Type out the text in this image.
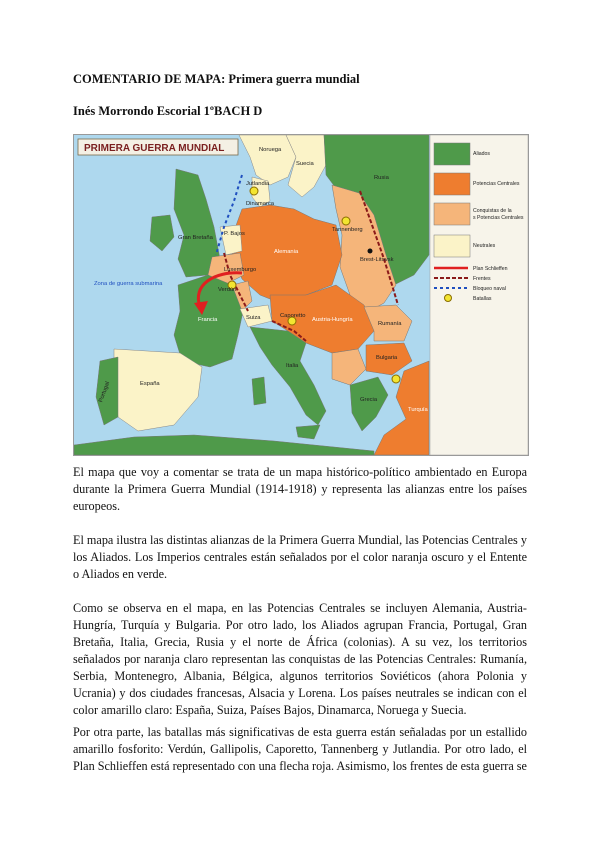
COMENTARIO DE MAPA: Primera guerra mundial
Inés Morrondo Escorial 1ºBACH D
PRIMERA GUERRA MUNDIAL	Noruega
Suecia
Rusia
Jutlandia
Dinamarca
Gran Bretaña
P. Bajos
Alemania
Tannenberg
Brest-Litovsk
Zona de guerra submarina
Luxemburgo
Verdún
Francia	Austria-Hungría
Suiza	Caporetto
Rumanía
Bulgaria
Italia
Portugal	España
Grecia
Turquía
Aliados
Potencias Centrales
Conquistas de la
s Potencias Centrales
Neutrales
Plan Schlieffen
Frentes
Bloqueo naval
Batallas

El mapa que voy a comentar se trata de un mapa histórico-político ambientado en Europa durante la Primera Guerra Mundial (1914-1918) y representa las alianzas entre los países europeos.

El mapa ilustra las distintas alianzas de la Primera Guerra Mundial, las Potencias Centrales y los Aliados. Los Imperios centrales están señalados por el color naranja oscuro y el Entente o Aliados en verde.

Como se observa en el mapa, en las Potencias Centrales se incluyen Alemania, Austria-Hungría, Turquía y Bulgaria. Por otro lado, los Aliados agrupan Francia, Portugal, Gran Bretaña, Italia, Grecia, Rusia y el norte de África (colonias). A su vez, los territorios señalados por naranja claro representan las conquistas de las Potencias Centrales: Rumanía, Serbia, Montenegro, Albania, Bélgica, algunos territorios Soviéticos (ahora Polonia y Ucrania) y dos ciudades francesas, Alsacia y Lorena. Los países neutrales se indican con el color amarillo claro: España, Suiza, Países Bajos, Dinamarca, Noruega y Suecia.

Por otra parte, las batallas más significativas de esta guerra están señaladas por un estallido amarillo fosforito: Verdún, Gallipolis, Caporetto, Tannenberg y Jutlandia. Por otro lado, el Plan Schlieffen está representado con una flecha roja. Asimismo, los frentes de esta guerra se
